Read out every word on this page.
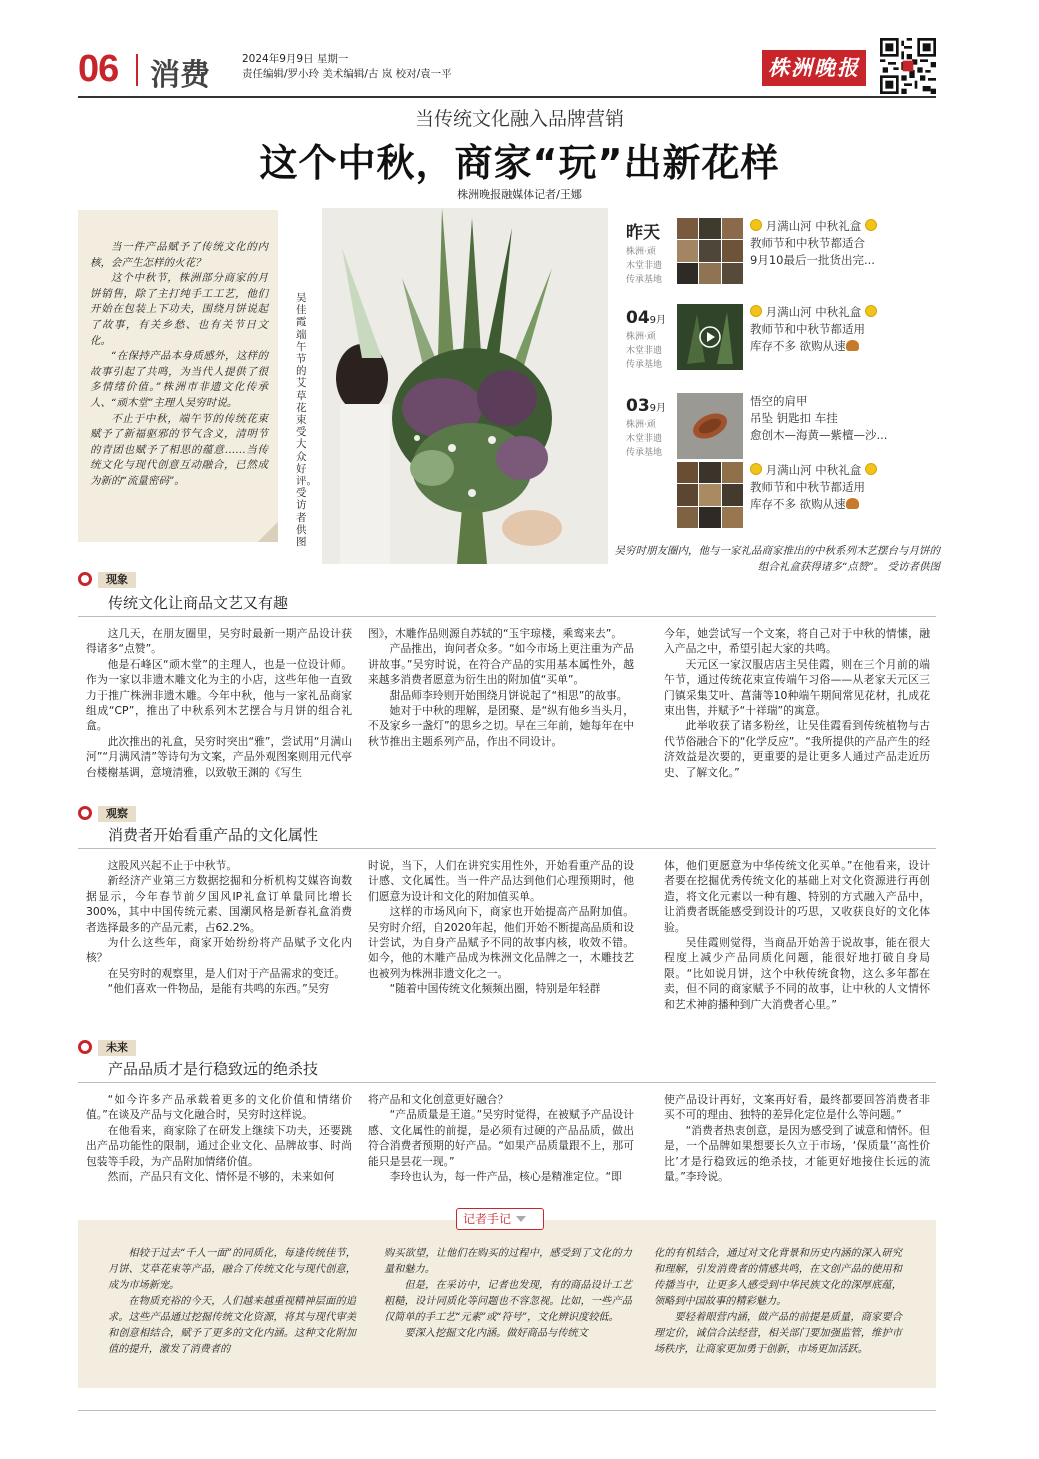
06 消费	2024年9月9日 星期一
责任编辑/罗小玲 美术编辑/古 岚 校对/袁一平	株洲晚报
当传统文化融入品牌营销
这个中秋，商家“玩”出新花样
株洲晚报融媒体记者/王娜

当一件产品赋予了传统文化的内核，会产生怎样的火花？

这个中秋节，株洲部分商家的月饼销售，除了主打纯手工工艺，他们开始在包装上下功夫，围绕月饼说起了故事，有关乡愁、也有关节日文化。

“在保持产品本身质感外，这样的故事引起了共鸣，为当代人提供了很多情绪价值。”株洲市非遗文化传承人、“顽木堂”主理人吴穷时说。

不止于中秋，端午节的传统花束赋予了新福驱邪的节气含义，清明节的青团也赋予了相思的蕴意……当传统文化与现代创意互动融合，已然成为新的“流量密码”。

吴佳霞端午节的艾草花束受大众好评。受访者供图
昨天
株洲·顽
木堂非遗
传承基地
月满山河 中秋礼盒
教师节和中秋节都适合
9月10最后一批货出完...
049月
株洲·顽
木堂非遗
传承基地
月满山河 中秋礼盒
教师节和中秋节都适用
库存不多 欲购从速
039月
株洲·顽
木堂非遗
传承基地
悟空的肩甲
吊坠 钥匙扣 车挂
愈创木—海黄—紫檀—沙...
月满山河 中秋礼盒
教师节和中秋节都适用
库存不多 欲购从速
吴穷时朋友圈内，他与一家礼品商家推出的中秋系列木艺摆台与月饼的组合礼盒获得诸多“点赞”。 受访者供图
现象
传统文化让商品文艺又有趣

这几天，在朋友圈里，吴穷时最新一期产品设计获得诸多“点赞”。

他是石峰区“顽木堂”的主理人，也是一位设计师。作为一家以非遗木雕文化为主的小店，这些年他一直致力于推广株洲非遗木雕。今年中秋，他与一家礼品商家组成“CP”，推出了中秋系列木艺摆合与月饼的组合礼盒。

此次推出的礼盒，吴穷时突出“雅”，尝试用“月满山河”“月满风清”等诗句为文案，产品外观图案则用元代亭台楼榭基调，意境清雅，以致敬王渊的《写生

图》，木雕作品则源自苏轼的“玉宇琼楼，乘鸾来去”。

产品推出，询问者众多。“如今市场上更注重为产品讲故事。”吴穷时说，在符合产品的实用基本属性外，越来越多消费者愿意为衍生出的附加值“买单”。

甜品师李玲则开始围绕月饼说起了“相思”的故事。

她对于中秋的理解，是团聚、是“纵有他乡当头月，不及家乡一盏灯”的思乡之切。早在三年前，她每年在中秋节推出主题系列产品，作出不同设计。

今年，她尝试写一个文案，将自己对于中秋的情愫，融入产品之中，希望引起大家的共鸣。

天元区一家汉服店店主吴佳霞，则在三个月前的端午节，通过传统花束宣传端午习俗——从老家天元区三门镇采集艾叶、菖蒲等10种端午期间常见花材，扎成花束出售，并赋予“十祥瑞”的寓意。

此举收获了诸多粉丝，让吴佳霞看到传统植物与古代节俗融合下的“化学反应”。“我所提供的产品产生的经济效益是次要的，更重要的是让更多人通过产品走近历史、了解文化。”

观察
消费者开始看重产品的文化属性

这股风兴起不止于中秋节。

新经济产业第三方数据挖掘和分析机构艾媒咨询数据显示，今年春节前夕国风IP礼盒订单量同比增长300%，其中中国传统元素、国潮风格是新春礼盒消费者选择最多的产品元素，占62.2%。

为什么这些年，商家开始纷纷将产品赋予文化内核？

在吴穷时的观察里，是人们对于产品需求的变迁。

“他们喜欢一件物品，是能有共鸣的东西。”吴穷

时说，当下，人们在讲究实用性外，开始看重产品的设计感、文化属性。当一件产品达到他们心理预期时，他们愿意为设计和文化的附加值买单。

这样的市场风向下，商家也开始提高产品附加值。吴穷时介绍，自2020年起，他们开始不断提高品质和设计尝试，为自身产品赋予不同的故事内核，收效不错。如今，他的木雕产品成为株洲文化品牌之一，木雕技艺也被列为株洲非遗文化之一。

“随着中国传统文化频频出圈，特别是年轻群

体，他们更愿意为中华传统文化买单。”在他看来，设计者要在挖掘优秀传统文化的基础上对文化资源进行再创造，将文化元素以一种有趣、特别的方式融入产品中，让消费者既能感受到设计的巧思，又收获良好的文化体验。

吴佳霞则觉得，当商品开始善于说故事，能在很大程度上减少产品同质化问题，能很好地打破自身局限。“比如说月饼，这个中秋传统食物，这么多年都在卖，但不同的商家赋予不同的故事，让中秋的人文情怀和艺术神韵播种到广大消费者心里。”

未来
产品品质才是行稳致远的绝杀技

“如今许多产品承载着更多的文化价值和情绪价值。”在谈及产品与文化融合时，吴穷时这样说。

在他看来，商家除了在研发上继续下功夫，还要跳出产品功能性的限制，通过企业文化、品牌故事、时尚包装等手段，为产品附加情绪价值。

然而，产品只有文化、情怀是不够的，未来如何

将产品和文化创意更好融合？

“产品质量是王道。”吴穷时觉得，在被赋予产品设计感、文化属性的前提，是必须有过硬的产品品质，做出符合消费者预期的好产品。“如果产品质量跟不上，那可能只是昙花一现。”

李玲也认为，每一件产品，核心是精准定位。“即

使产品设计再好，文案再好看，最终都要回答消费者非买不可的理由、独特的差异化定位是什么等问题。”

“消费者热衷创意，是因为感受到了诚意和情怀。但是，一个品牌如果想要长久立于市场，‘保质量’‘高性价比’才是行稳致远的绝杀技，才能更好地接住长远的流量。”李玲说。

记者手记

相较于过去“千人一面”的同质化，每逢传统佳节，月饼、艾草花束等产品，融合了传统文化与现代创意，成为市场新宠。

在物质充裕的今天，人们越来越重视精神层面的追求。这些产品通过挖掘传统文化资源，将其与现代审美和创意相结合，赋予了更多的文化内涵。这种文化附加值的提升，激发了消费者的

购买欲望，让他们在购买的过程中，感受到了文化的力量和魅力。

但是，在采访中，记者也发现，有的商品设计工艺粗糙，设计同质化等问题也不容忽视。比如，一些产品仅简单的手工艺“元素”或“符号”，文化辨识度较低。

要深入挖掘文化内涵。做好商品与传统文

化的有机结合，通过对文化背景和历史内涵的深入研究和理解，引发消费者的情感共鸣，在文创产品的使用和传播当中，让更多人感受到中华民族文化的深厚底蕴，领略到中国故事的精彩魅力。

要轻着眼营内涵，做产品的前提是质量，商家要合理定价，诚信合法经营，相关部门要加强监管，维护市场秩序，让商家更加勇于创新，市场更加活跃。
